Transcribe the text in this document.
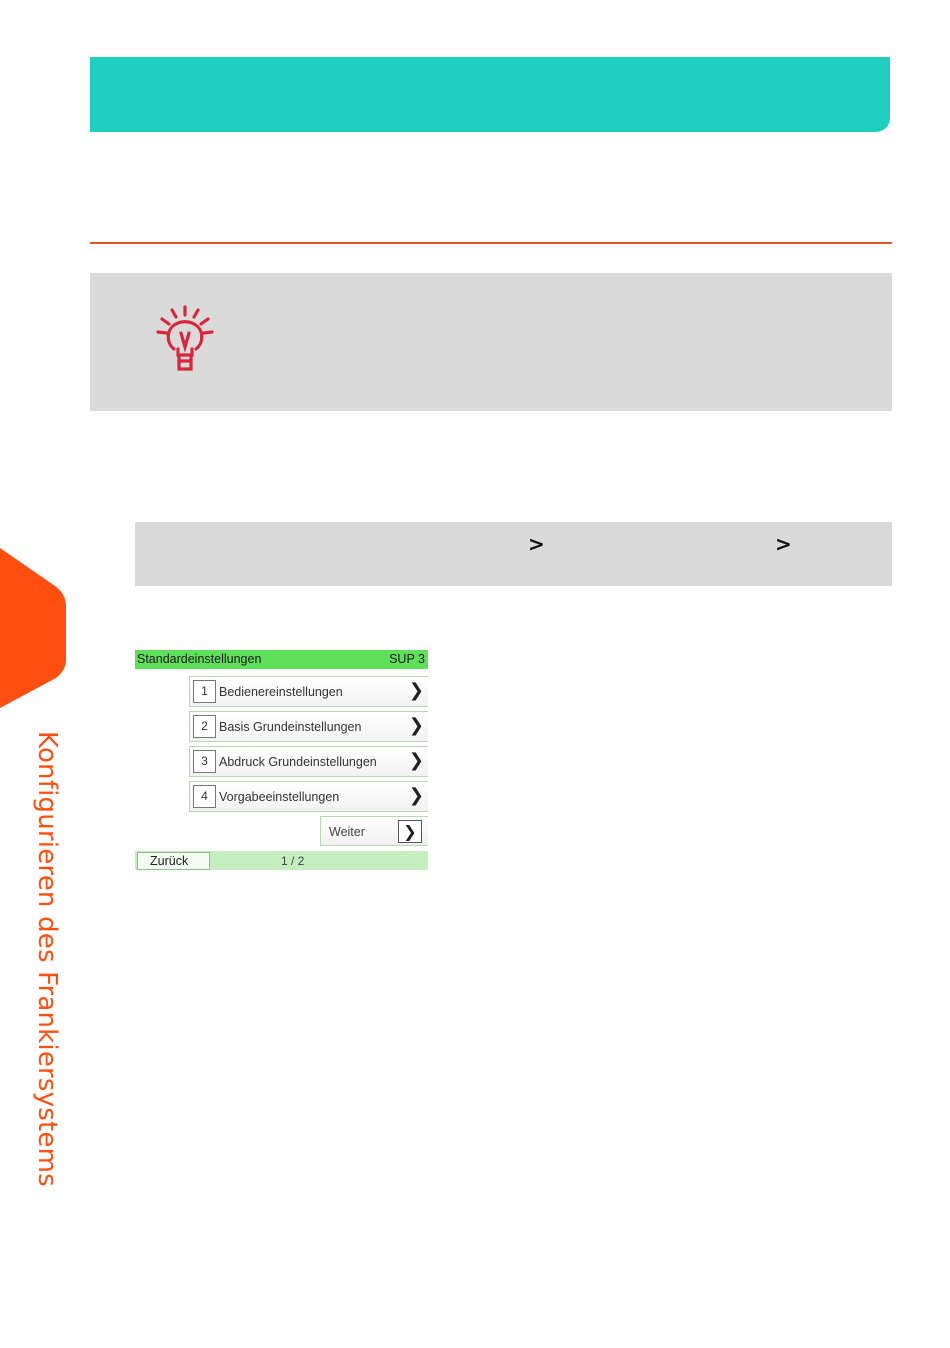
>	>
Konfigurieren des Frankiersystems
Standardeinstellungen	SUP 3
1 Bedienereinstellungen	❯
2 Basis Grundeinstellungen	❯
3 Abdruck Grundeinstellungen ❯
4 Vorgabeeinstellungen	❯
Weiter	❯
Zurück	1 / 2
